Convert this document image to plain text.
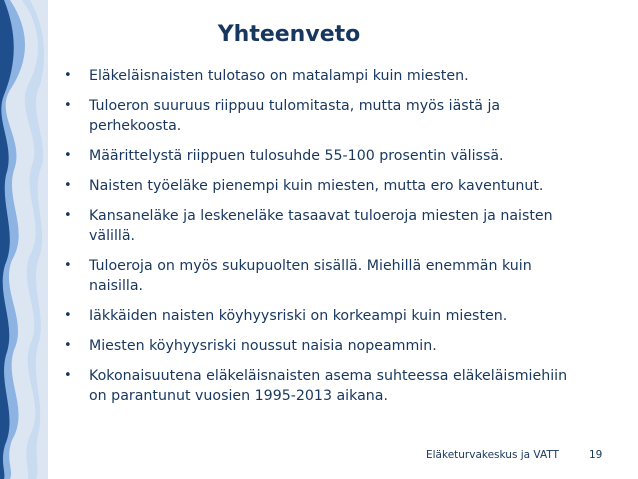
Yhteenveto
• Eläkeläisnaisten tulotaso on matalampi kuin miesten.
• Tuloeron suuruus riippuu tulomitasta, mutta myös iästä ja perhekoosta.
• Määrittelystä riippuen tulosuhde 55-100 prosentin välissä.
• Naisten työeläke pienempi kuin miesten, mutta ero kaventunut.
• Kansaneläke ja leskeneläke tasaavat tuloeroja miesten ja naisten välillä.
• Tuloeroja on myös sukupuolten sisällä. Miehillä enemmän kuin naisilla.
• Iäkkäiden naisten köyhyysriski on korkeampi kuin miesten.
• Miesten köyhyysriski noussut naisia nopeammin.
• Kokonaisuutena eläkeläisnaisten asema suhteessa eläkeläismiehiin on parantunut vuosien 1995-2013 aikana.
Eläketurvakeskus ja VATT	19
